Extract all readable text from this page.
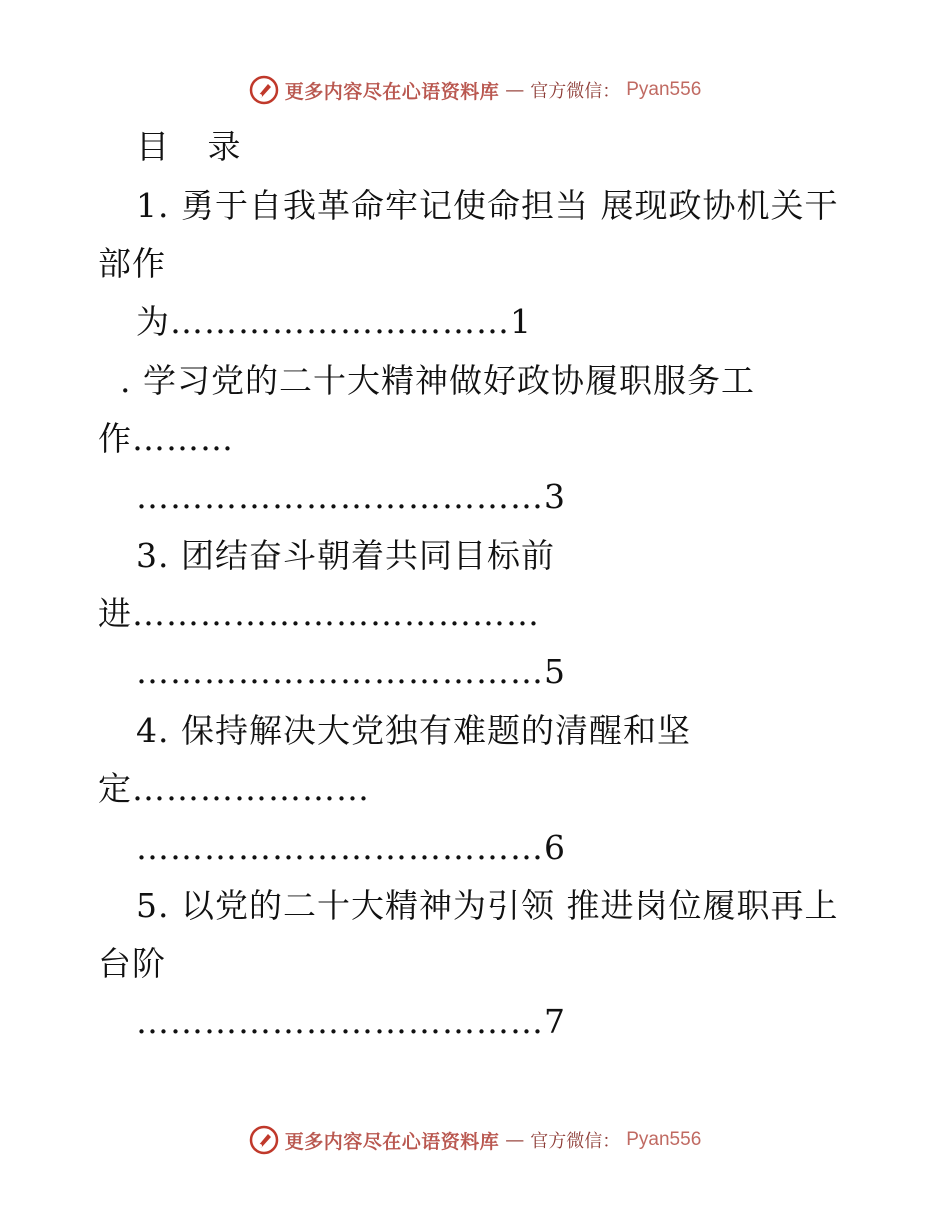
更多内容尽在心语资料库 — 官方微信： Pyan556
目 录
1. 勇于自我革命牢记使命担当 展现政协机关干
部作
为…………………………1
. 学习党的二十大精神做好政协履职服务工
作………
………………………………3
3. 团结奋斗朝着共同目标前
进………………………………
………………………………5
4. 保持解决大党独有难题的清醒和坚
定…………………
………………………………6
5. 以党的二十大精神为引领 推进岗位履职再上
台阶
………………………………7
更多内容尽在心语资料库 — 官方微信： Pyan556
